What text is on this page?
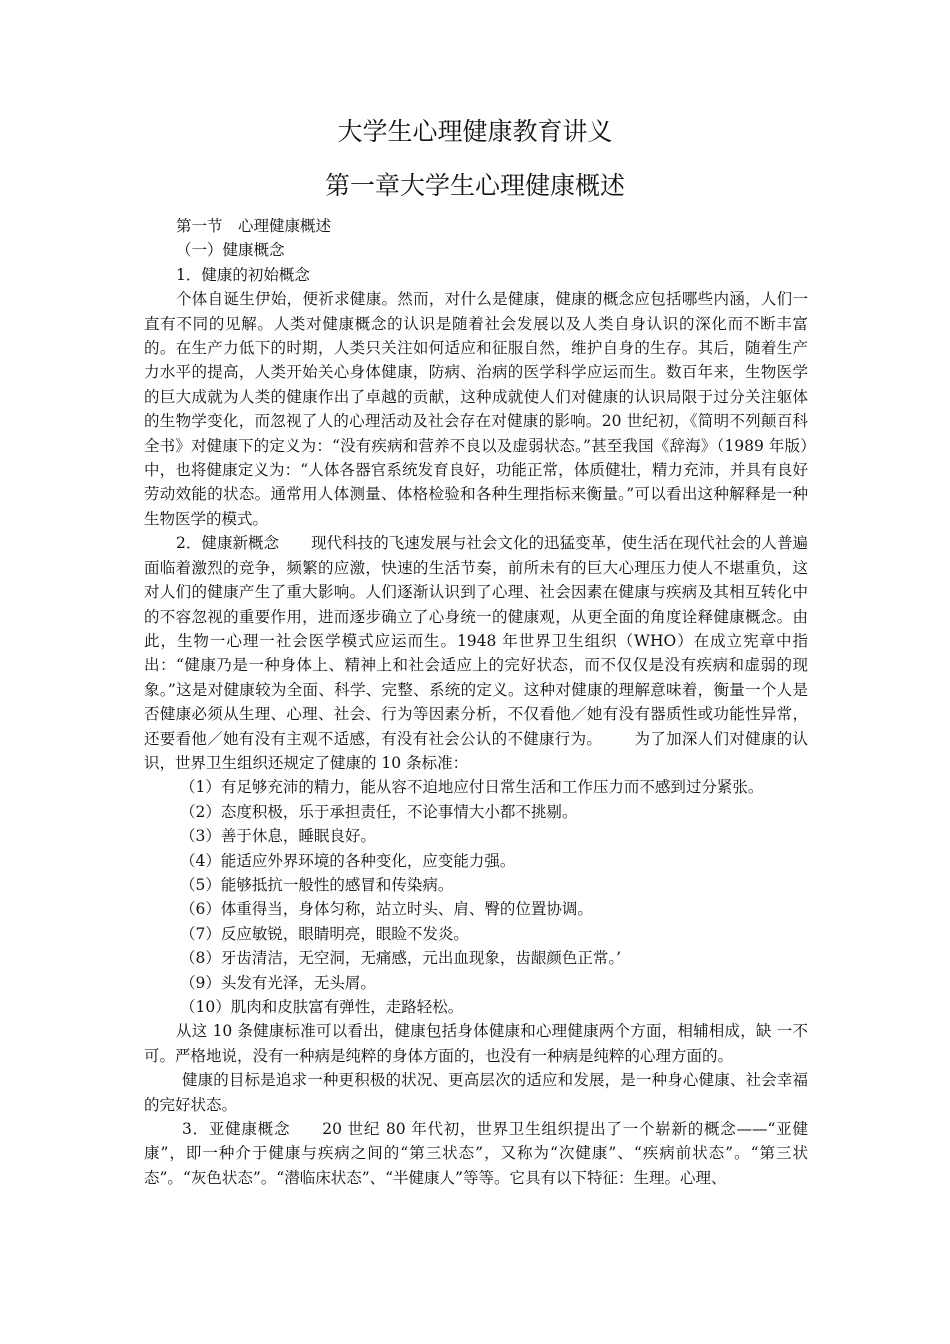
大学生心理健康教育讲义
第一章大学生心理健康概述

第一节　心理健康概述

（一）健康概念

1．健康的初始概念

个体自诞生伊始，便祈求健康。然而，对什么是健康，健康的概念应包括哪些内涵，人们一直有不同的见解。人类对健康概念的认识是随着社会发展以及人类自身认识的深化而不断丰富的。在生产力低下的时期，人类只关注如何适应和征服自然，维护自身的生存。其后，随着生产力水平的提高，人类开始关心身体健康，防病、治病的医学科学应运而生。数百年来，生物医学的巨大成就为人类的健康作出了卓越的贡献，这种成就使人们对健康的认识局限于过分关注躯体的生物学变化，而忽视了人的心理活动及社会存在对健康的影响。20 世纪初，《简明不列颠百科全书》对健康下的定义为：“没有疾病和营养不良以及虚弱状态。”甚至我国《辞海》（1989 年版）中，也将健康定义为：“人体各器官系统发育良好，功能正常，体质健壮，精力充沛，并具有良好劳动效能的状态。通常用人体测量、体格检验和各种生理指标来衡量。”可以看出这种解释是一种生物医学的模式。

2．健康新概念 现代科技的飞速发展与社会文化的迅猛变革，使生活在现代社会的人普遍面临着激烈的竞争，频繁的应激，快速的生活节奏，前所未有的巨大心理压力使人不堪重负，这对人们的健康产生了重大影响。人们逐渐认识到了心理、社会因素在健康与疾病及其相互转化中的不容忽视的重要作用，进而逐步确立了心身统一的健康观，从更全面的角度诠释健康概念。由此，生物一心理一社会医学模式应运而生。1948 年世界卫生组织（WHO）在成立宪章中指出：“健康乃是一种身体上、精神上和社会适应上的完好状态，而不仅仅是没有疾病和虚弱的现象。”这是对健康较为全面、科学、完整、系统的定义。这种对健康的理解意味着，衡量一个人是否健康必须从生理、心理、社会、行为等因素分析，不仅看他／她有没有器质性或功能性异常，还要看他／她有没有主观不适感，有没有社会公认的不健康行为。 为了加深人们对健康的认识，世界卫生组织还规定了健康的 10 条标准：

（1）有足够充沛的精力，能从容不迫地应付日常生活和工作压力而不感到过分紧张。

（2）态度积极，乐于承担责任，不论事情大小都不挑剔。

（3）善于休息，睡眠良好。

（4）能适应外界环境的各种变化，应变能力强。

（5）能够抵抗一般性的感冒和传染病。

（6）体重得当，身体匀称，站立时头、肩、臀的位置协调。

（7）反应敏锐，眼睛明亮，眼睑不发炎。

（8）牙齿清洁，无空洞，无痛感，元出血现象，齿龈颜色正常。’

（9）头发有光泽，无头屑。

（10）肌肉和皮肤富有弹性，走路轻松。

从这 10 条健康标准可以看出，健康包括身体健康和心理健康两个方面，相辅相成，缺 一不可。严格地说，没有一种病是纯粹的身体方面的，也没有一种病是纯粹的心理方面的。

健康的目标是追求一种更积极的状况、更高层次的适应和发展，是一种身心健康、社会幸福的完好状态。

3．亚健康概念 20 世纪 80 年代初，世界卫生组织提出了一个崭新的概念——“亚健康”，即一种介于健康与疾病之间的“第三状态”，又称为“次健康”、“疾病前状态”。“第三状态”。“灰色状态”。“潜临床状态”、“半健康人”等等。它具有以下特征：生理。心理、
